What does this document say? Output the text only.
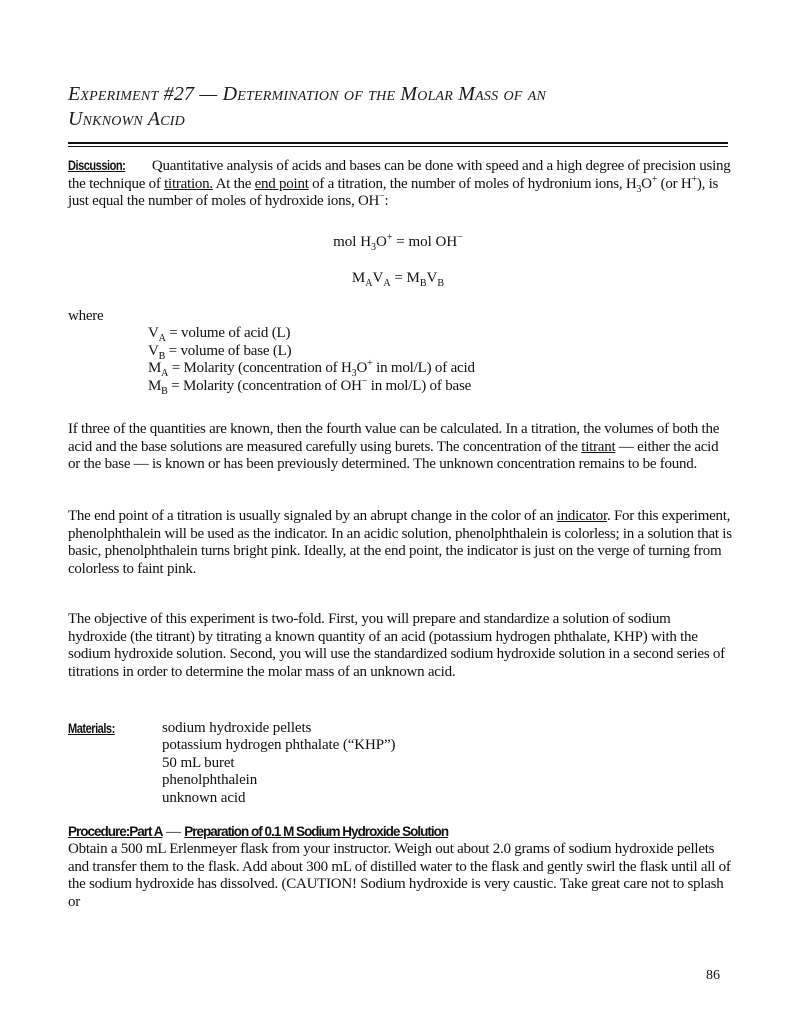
Experiment #27 — Determination of the Molar Mass of an
Unknown Acid
Discussion: Quantitative analysis of acids and bases can be done with speed and a high degree of precision using the technique of titration. At the end point of a titration, the number of moles of hydronium ions, $H_3O^+$ (or H+), is just equal the number of moles of hydroxide ions, OH−:
mol $H_3O^+$ = mol OH−
$M_AV_A = M_BV_B$
where
$V_A$ = volume of acid (L)
$V_B$ = volume of base (L)
$M_A$ = Molarity (concentration of $H_3O^+$ in mol/L) of acid
$M_B$ = Molarity (concentration of OH− in mol/L) of base
If three of the quantities are known, then the fourth value can be calculated. In a titration, the volumes of both the acid and the base solutions are measured carefully using burets. The concentration of the titrant — either the acid or the base — is known or has been previously determined. The unknown concentration remains to be found.
The end point of a titration is usually signaled by an abrupt change in the color of an indicator. For this experiment, phenolphthalein will be used as the indicator. In an acidic solution, phenolphthalein is colorless; in a solution that is basic, phenolphthalein turns bright pink. Ideally, at the end point, the indicator is just on the verge of turning from colorless to faint pink.
The objective of this experiment is two-fold. First, you will prepare and standardize a solution of sodium hydroxide (the titrant) by titrating a known quantity of an acid (potassium hydrogen phthalate, KHP) with the sodium hydroxide solution. Second, you will use the standardized sodium hydroxide solution in a second series of titrations in order to determine the molar mass of an unknown acid.
Materials:	sodium hydroxide pellets
potassium hydrogen phthalate (“KHP”)
50 mL buret
phenolphthalein
unknown acid
Procedure:Part A — Preparation of 0.1 M Sodium Hydroxide Solution
Obtain a 500 mL Erlenmeyer flask from your instructor. Weigh out about 2.0 grams of sodium hydroxide pellets and transfer them to the flask. Add about 300 mL of distilled water to the flask and gently swirl the flask until all of the sodium hydroxide has dissolved. (CAUTION! Sodium hydroxide is very caustic. Take great care not to splash or
86
